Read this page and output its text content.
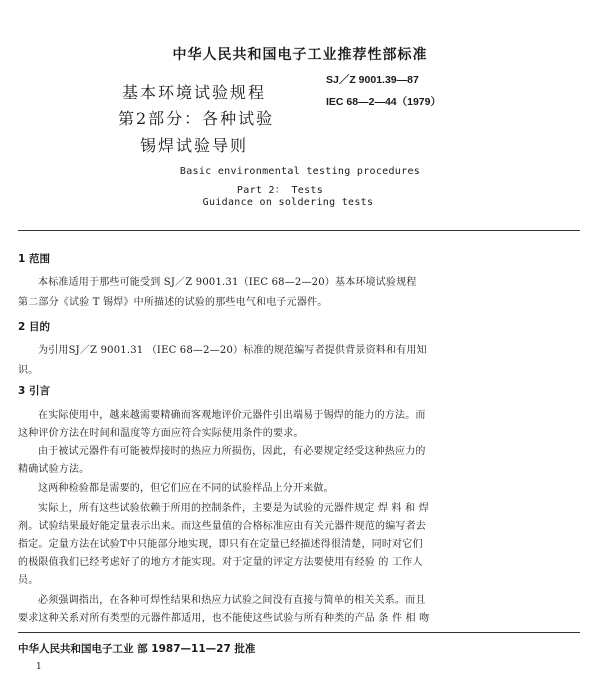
中华人民共和国电子工业推荐性部标准
基本环境试验规程
第2部分：各种试验
锡焊试验导则
SJ／Z 9001.39—87
IEC 68—2—44（1979）
Basic environmental testing procedures
Part 2： Tests
Guidance on soldering tests
1 范围
本标准适用于那些可能受到 SJ／Z 9001.31（IEC 68—2—20）基本环境试验规程
第二部分《试验 T 锡焊》中所描述的试验的那些电气和电子元器件。
2 目的
为引用SJ／Z 9001.31 （IEC 68—2—20）标准的规范编写者提供背景资料和有用知
识。
3 引言
在实际使用中，越来越需要精确而客观地评价元器件引出端易于锡焊的能力的方法。而
这种评价方法在时间和温度等方面应符合实际使用条件的要求。
由于被试元器件有可能被焊接时的热应力所损伤，因此，有必要规定经受这种热应力的
精确试验方法。
这两种检验都是需要的，但它们应在不同的试验样品上分开来做。
实际上，所有这些试验依赖于所用的控制条件，主要是为试验的元器件规定 焊 料 和 焊
剂。试验结果最好能定量表示出来。而这些量值的合格标准应由有关元器件规范的编写者去
指定。定量方法在试验T中只能部分地实现，即只有在定量已经描述得很清楚，同时对它们
的极限值我们已经考虑好了的地方才能实现。对于定量的评定方法要使用有经验 的 工作人
员。
必须强调指出，在各种可焊性结果和热应力试验之间没有直接与简单的相关关系。而且
要求这种关系对所有类型的元器件都适用，也不能使这些试验与所有种类的产品 条 件 相 吻
中华人民共和国电子工业 部 1987—11—27 批准
1
